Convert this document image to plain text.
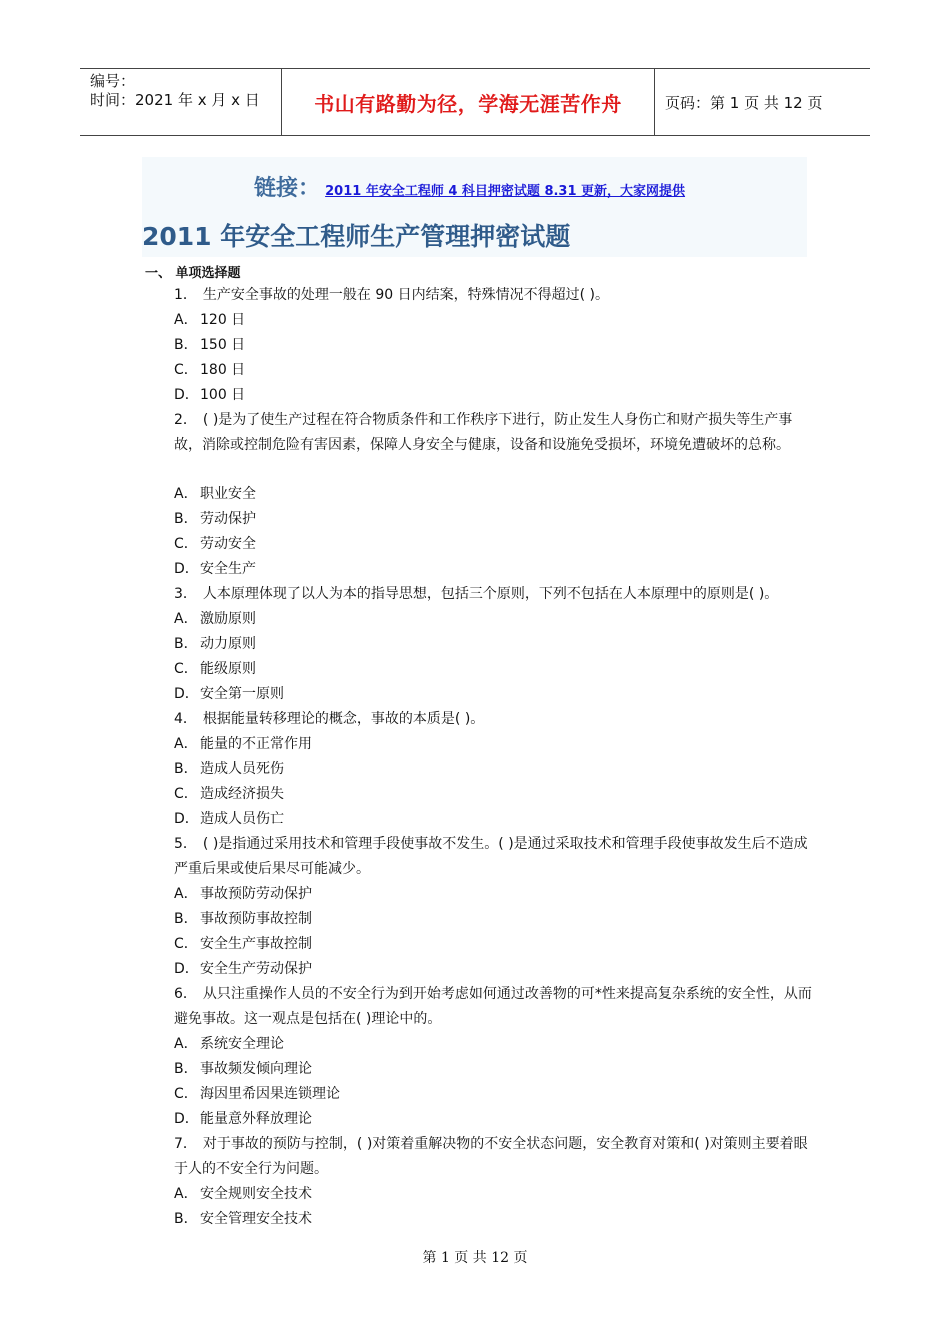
编号：
时间：2021 年 x 月 x 日	书山有路勤为径，学海无涯苦作舟	页码：第 1 页 共 12 页
链接： 2011 年安全工程师 4 科目押密试题 8.31 更新，大家网提供
2011 年安全工程师生产管理押密试题
一、 单项选择题

1． 生产安全事故的处理一般在 90 日内结案，特殊情况不得超过( )。

A． 120 日

B． 150 日

C． 180 日

D．100 日

2． ( )是为了使生产过程在符合物质条件和工作秩序下进行，防止发生人身伤亡和财产损失等生产事故，消除或控制危险有害因素，保障人身安全与健康，设备和设施免受损坏，环境免遭破坏的总称。

A． 职业安全

B． 劳动保护

C． 劳动安全

D．安全生产

3． 人本原理体现了以人为本的指导思想，包括三个原则，下列不包括在人本原理中的原则是( )。

A． 激励原则

B． 动力原则

C． 能级原则

D．安全第一原则

4． 根据能量转移理论的概念，事故的本质是( )。

A． 能量的不正常作用

B． 造成人员死伤

C． 造成经济损失

D．造成人员伤亡

5． ( )是指通过采用技术和管理手段使事故不发生。( )是通过采取技术和管理手段使事故发生后不造成严重后果或使后果尽可能减少。

A． 事故预防劳动保护

B． 事故预防事故控制

C． 安全生产事故控制

D．安全生产劳动保护

6． 从只注重操作人员的不安全行为到开始考虑如何通过改善物的可*性来提高复杂系统的安全性，从而避免事故。这一观点是包括在( )理论中的。

A． 系统安全理论

B． 事故频发倾向理论

C． 海因里希因果连锁理论

D．能量意外释放理论

7． 对于事故的预防与控制，( )对策着重解决物的不安全状态问题，安全教育对策和( )对策则主要着眼于人的不安全行为问题。

A． 安全规则安全技术

B． 安全管理安全技术

第 1 页 共 12 页
